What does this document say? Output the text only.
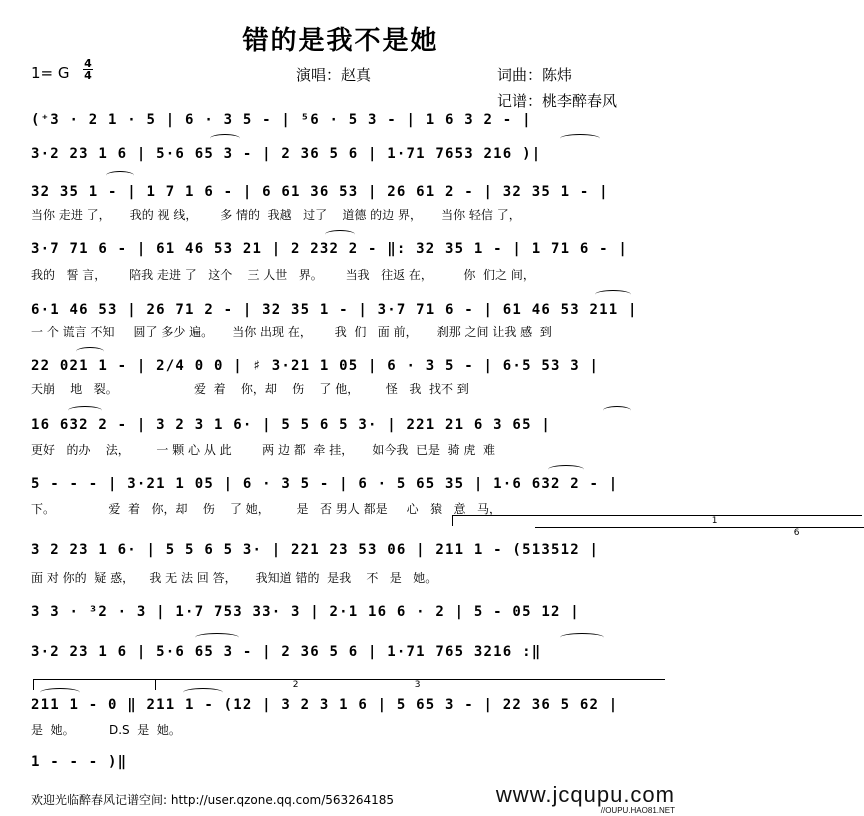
错的是我不是她
1= G
4
4	演唱：赵真	词曲：陈炜
记谱：桃李醉春风
(⁺3 · 2 1 · 5 | 6 · 3 5 - | ⁵6 · 5 3 - | 1 6 3 2 - |
3·2 23 1 6 | 5·6 65 3 - | 2 36 5 6 | 1·71 7653 216 )|
32 35 1 - | 1 7 1 6 - | 6 61 36 53 | 26 61 2 - | 32 35 1 - |
当你 走进 了，     我的 视 线，      多 情的  我越   过了    道德 的边 界，     当你 轻信 了，
3·7 71 6 - | 61 46 53 21 | 2 232 2 - ‖: 32 35 1 - | 1 71 6 - |
我的   誓 言，      陪我 走进 了   这个    三 人世   界。      当我   往返 在，        你  们之 间，
6·1 46 53 | 26 71 2 - | 32 35 1 - | 3·7 71 6 - | 61 46 53 211 |
一 个 谎言 不知     圆了 多少 遍。     当你 出现 在，      我  们   面 前，     刹那 之间 让我 感  到
22 021 1 - | 2/4 0 0 | ♯ 3·21 1 05 | 6 · 3 5 - | 6·5 53 3 |
天崩    地   裂。                    爱  着    你，却    伤    了 他，       怪   我  找不 到
16 632 2 - | 3 2 3 1 6· | 5 5 6 5 3· | 221 21 6 3 65 |
更好   的办    法，       一 颗 心 从 此        两 边 都  牵 挂，     如今我  已是  骑 虎  难
5 - - - | 3·21 1 05 | 6 · 3 5 - | 6 · 5 65 35 | 1·6 632 2 - |
下。              爱  着   你，却    伤    了 她，       是   否 男人 都是     心   猿   意   马，
1
6
3 2 23 1 6· | 5 5 6 5 3· | 221 23 53 06 | 211 1 - (513512 |
面 对 你的  疑 惑，    我 无 法 回 答，     我知道 错的  是我    不   是   她。
3 3 · ³2 · 3 | 1·7 753 33· 3 | 2·1 16 6 · 2 | 5 - 05 12 |
3·2 23 1 6 | 5·6 65 3 - | 2 36 5 6 | 1·71 765 3216 :‖
2	3
211 1 - 0 ‖ 211 1 - (12 | 3 2 3 1 6 | 5 65 3 - | 22 36 5 62 |
是  她。         D.S  是  她。
1 - - - )‖
欢迎光临醉春风记谱空间: http://user.qzone.qq.com/563264185	www.jcqupu.com
//OUPU.HAO81.NET
